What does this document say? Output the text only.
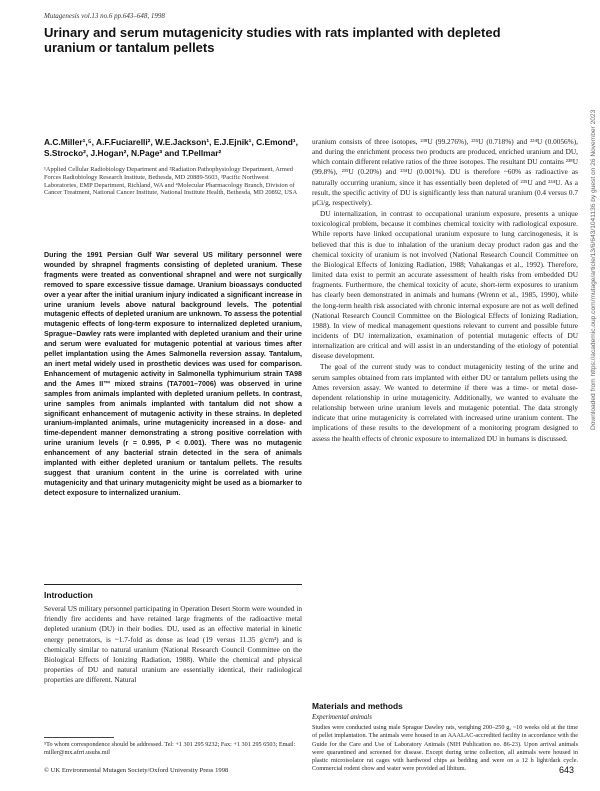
Mutagenesis vol.13 no.6 pp.643–648, 1998
Urinary and serum mutagenicity studies with rats implanted with depleted uranium or tantalum pellets
A.C.Miller¹,⁵, A.F.Fuciarelli², W.E.Jackson¹, E.J.Ejnik¹, C.Emond¹, S.Strocko², J.Hogan², N.Page³ and T.Pellmar²
¹Applied Cellular Radiobiology Department and ²Radiation Pathophysiology Department, Armed Forces Radiobiology Research Institute, Bethesda, MD 20889-5603, ³Pacific Northwest Laboratories, EMP Department, Richland, WA and ⁴Molecular Pharmacology Branch, Division of Cancer Treatment, National Cancer Institute, National Institute Health, Bethesda, MD 20892, USA
During the 1991 Persian Gulf War several US military personnel were wounded by shrapnel fragments consisting of depleted uranium. These fragments were treated as conventional shrapnel and were not surgically removed to spare excessive tissue damage. Uranium bioassays conducted over a year after the initial uranium injury indicated a significant increase in urine uranium levels above natural background levels. The potential mutagenic effects of depleted uranium are unknown. To assess the potential mutagenic effects of long-term exposure to internalized depleted uranium, Sprague–Dawley rats were implanted with depleted uranium and their urine and serum were evaluated for mutagenic potential at various times after pellet implantation using the Ames Salmonella reversion assay. Tantalum, an inert metal widely used in prosthetic devices was used for comparison. Enhancement of mutagenic activity in Salmonella typhimurium strain TA98 and the Ames II™ mixed strains (TA7001–7006) was observed in urine samples from animals implanted with depleted uranium pellets. In contrast, urine samples from animals implanted with tantalum did not show a significant enhancement of mutagenic activity in these strains. In depleted uranium-implanted animals, urine mutagenicity increased in a dose- and time-dependent manner demonstrating a strong positive correlation with urine uranium levels (r = 0.995, P < 0.001). There was no mutagenic enhancement of any bacterial strain detected in the sera of animals implanted with either depleted uranium or tantalum pellets. The results suggest that uranium content in the urine is correlated with urine mutagenicity and that urinary mutagenicity might be used as a biomarker to detect exposure to internalized uranium.
Introduction
Several US military personnel participating in Operation Desert Storm were wounded in friendly fire accidents and have retained large fragments of the radioactive metal depleted uranium (DU) in their bodies. DU, used as an effective material in kinetic energy penetrators, is ~1.7-fold as dense as lead (19 versus 11.35 g/cm³) and is chemically similar to natural uranium (National Research Council Committee on the Biological Effects of Ionizing Radiation, 1988). While the chemical and physical properties of DU and natural uranium are essentially identical, their radiological properties are different. Natural

uranium consists of three isotopes, ²³⁸U (99.276%), ²³⁵U (0.718%) and ²³⁴U (0.0056%), and during the enrichment process two products are produced, enriched uranium and DU, which contain different relative ratios of the three isotopes. The resultant DU contains ²³⁸U (99.8%), ²³⁵U (0.20%) and ²³⁴U (0.001%). DU is therefore ~60% as radioactive as naturally occurring uranium, since it has essentially been depleted of ²³⁵U and ²³⁴U. As a result, the specific activity of DU is significantly less than natural uranium (0.4 versus 0.7 µCi/g, respectively).

DU internalization, in contrast to occupational uranium exposure, presents a unique toxicological problem, because it combines chemical toxicity with radiological exposure. While reports have linked occupational uranium exposure to lung carcinogenesis, it is believed that this is due to inhalation of the uranium decay product radon gas and the chemical toxicity of uranium is not involved (National Research Council Committee on the Biological Effects of Ionizing Radiation, 1988; Vahakangas et al., 1992). Therefore, limited data exist to permit an accurate assessment of health risks from embedded DU fragments. Furthermore, the chemical toxicity of acute, short-term exposures to uranium has clearly been demonstrated in animals and humans (Wrenn et al., 1985, 1990), while the long-term health risk associated with chronic internal exposure are not as well defined (National Research Council Committee on the Biological Effects of Ionizing Radiation, 1988). In view of medical management questions relevant to current and possible future incidents of DU internalization, examination of potential mutagenic effects of DU internalization are critical and will assist in an understanding of the etiology of potential disease development.

The goal of the current study was to conduct mutagenicity testing of the urine and serum samples obtained from rats implanted with either DU or tantalum pellets using the Ames reversion assay. We wanted to determine if there was a time- or metal dose-dependent relationship in urine mutagenicity. Additionally, we wanted to evaluate the relationship between urine uranium levels and mutagenic potential. The data strongly indicate that urine mutagenicity is correlated with increased urine uranium content. The implications of these results to the development of a monitoring program designed to assess the health effects of chronic exposure to internalized DU in humans is discussed.

Materials and methods
Experimental animals
Studies were conducted using male Sprague Dawley rats, weighing 200–250 g, ~10 weeks old at the time of pellet implantation. The animals were housed in an AAALAC-accredited facility in accordance with the Guide for the Care and Use of Laboratory Animals (NIH Publication no. 86-23). Upon arrival animals were quarantined and screened for disease. Except during urine collection, all animals were housed in plastic microisolator rat cages with hardwood chips as bedding and were on a 12 h light/dark cycle. Commercial rodent chow and water were provided ad libitum.
⁵To whom correspondence should be addressed. Tel: +1 301 295 9232; Fax: +1 301 295 6503; Email: miller@mx.afrri.usuhs.mil
© UK Environmental Mutagen Society/Oxford University Press 1998	643
Downloaded from https://academic.oup.com/mutage/article/13/6/643/1041136 by guest on 26 November 2023
